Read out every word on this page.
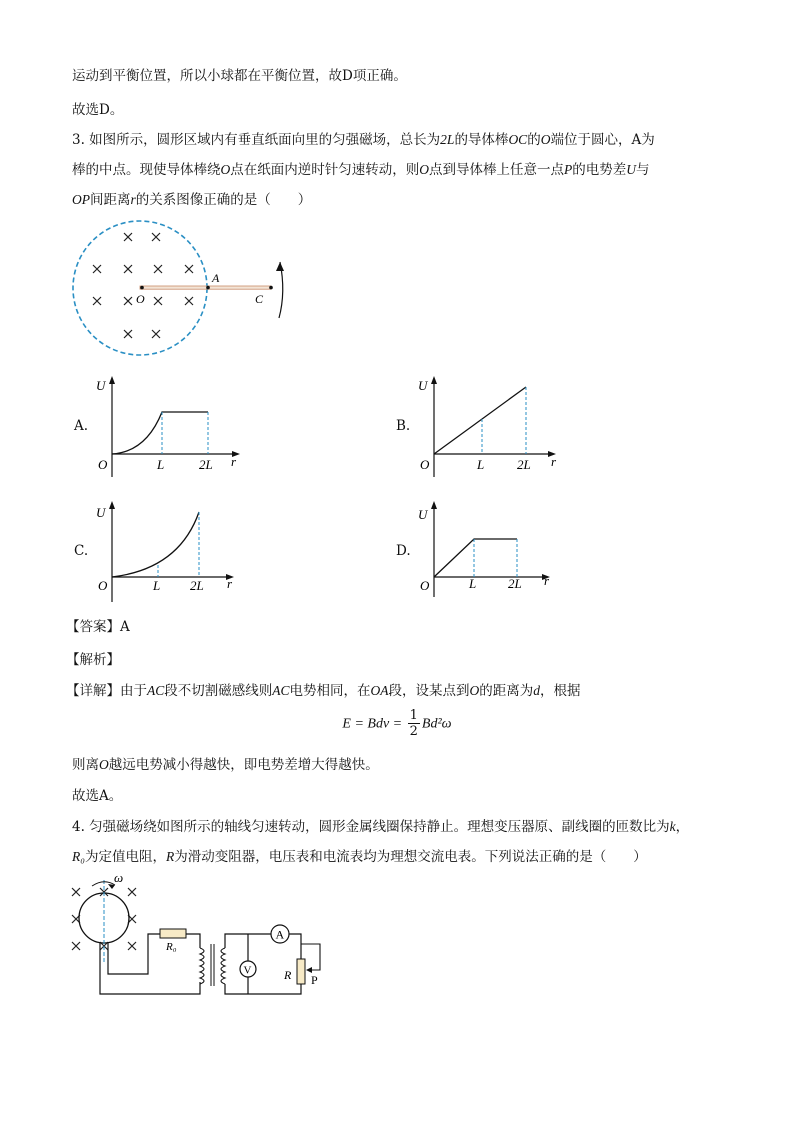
运动到平衡位置，所以小球都在平衡位置，故D项正确。
故选D。
3. 如图所示，圆形区域内有垂直纸面向里的匀强磁场，总长为2L的导体棒OC的O端位于圆心，A为
棒的中点。现使导体棒绕O点在纸面内逆时针匀速转动，则O点到导体棒上任意一点P的电势差U与
OP间距离r的关系图像正确的是（　　）
A
O	C
A.
U
O	L	2L r
B.
U
O	L	2L r
C.
U
O	L 2L r
D.
U
O	L 2L r
【答案】A
【解析】
【详解】由于AC段不切割磁感线则AC电势相同，在OA段，设某点到O的距离为d，根据
E = Bdv = $\frac{1}{2} Bd^2\omega$
则离O越远电势减小得越快，即电势差增大得越快。
故选A。
4. 匀强磁场绕如图所示的轴线匀速转动，圆形金属线圈保持静止。理想变压器原、副线圈的匝数比为k，
R₀为定值电阻，R为滑动变阻器，电压表和电流表均为理想交流电表。下列说法正确的是（　　）
ω
R₀
A
V	R P
